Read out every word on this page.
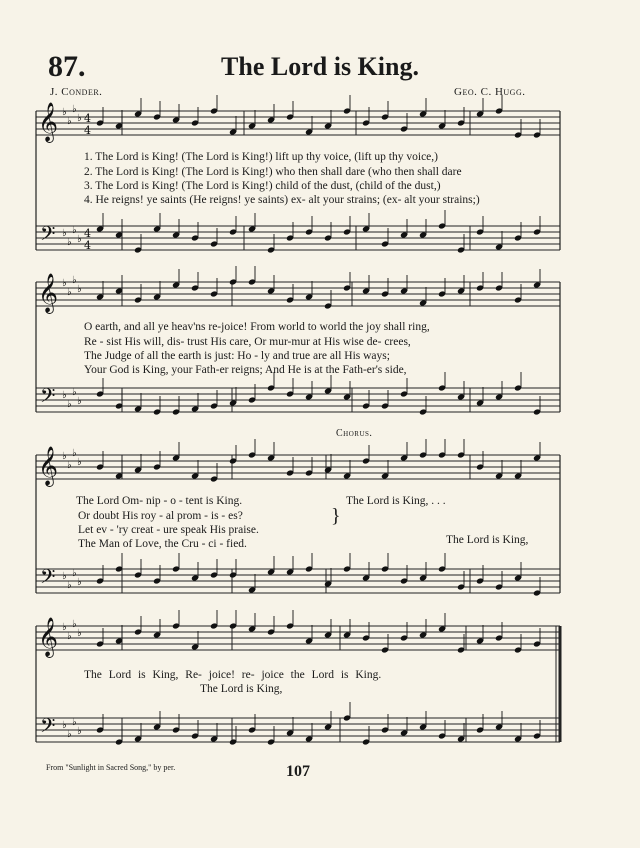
87.	The Lord is King.
J. Conder.	Geo. C. Hugg.
𝄞 ♭
♭
♭
♭
𝄢 ♭
♭
♭
♭
𝄞 ♭
♭
♭
♭
𝄢 ♭
♭
♭
♭
𝄞 ♭
♭
♭
♭
𝄢 ♭
♭
♭
♭
𝄞 ♭
♭
♭
♭
𝄢 ♭
♭
♭
♭
4
4
4
4
1. The Lord is King! (The Lord is King!) lift up thy voice, (lift up thy voice,)
2. The Lord is King! (The Lord is King!) who then shall dare (who then shall dare
3. The Lord is King! (The Lord is King!) child of the dust, (child of the dust,)
4. He reigns! ye saints (He reigns! ye saints) ex- alt your strains; (ex- alt your strains;)
O earth, and all ye heav'ns re-joice! From world to world the joy shall ring,
Re - sist His will, dis- trust His care, Or mur-mur at His wise de- crees,
The Judge of all the earth is just: Ho - ly and true are all His ways;
Your God is King, your Fath-er reigns; And He is at the Fath-er's side,
Chorus.
The Lord Om- nip - o - tent is King.
Or doubt His roy - al prom - is - es?
Let ev - 'ry creat - ure speak His praise.
The Man of Love, the Cru - ci - fied.
}
The Lord is King, . . .
The Lord is King,
The Lord is King, Re- joice! re- joice the Lord is King.
The Lord is King,
From "Sunlight in Sacred Song," by per.	107
